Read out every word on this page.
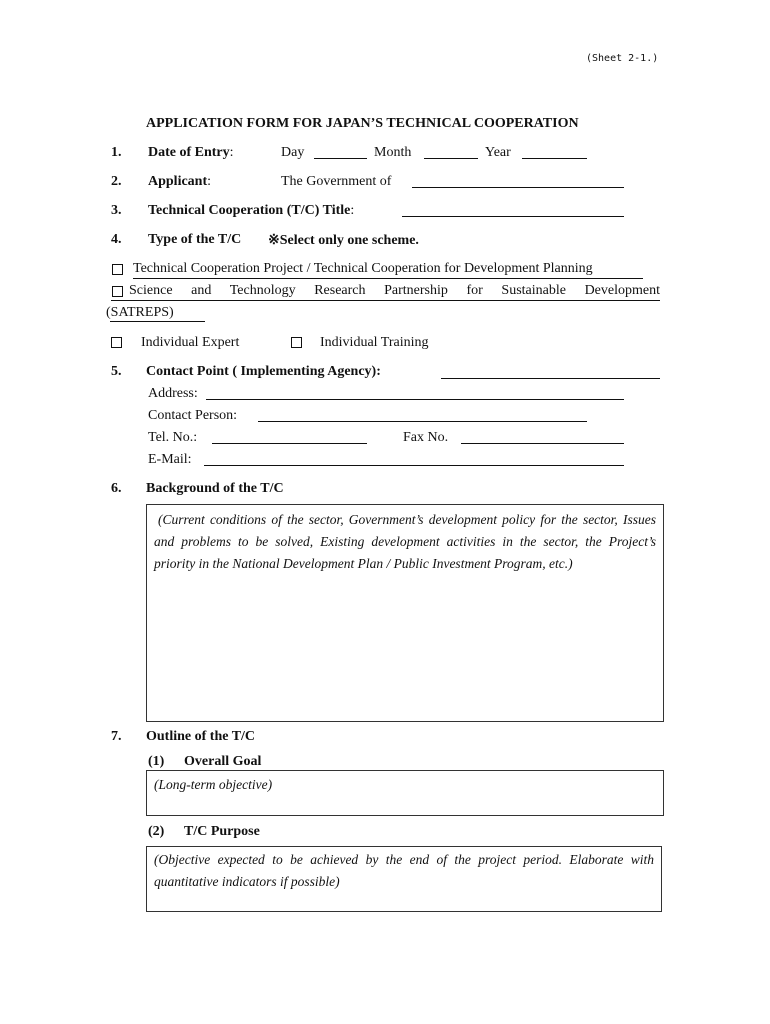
(Sheet 2-1.)
APPLICATION FORM FOR JAPAN’S TECHNICAL COOPERATION
1. Date of Entry:	Day	Month	Year
2. Applicant:	The Government of
3. Technical Cooperation (T/C) Title:
4. Type of the T/C ※Select only one scheme.
Technical Cooperation Project / Technical Cooperation for Development Planning
Science and Technology Research Partnership for Sustainable Development
(SATREPS)
Individual Expert	Individual Training
5. Contact Point ( Implementing Agency):
Address:
Contact Person:
Tel. No.:	Fax No.
E-Mail:
6. Background of the T/C
(Current conditions of the sector, Government’s development policy for the sector, Issues and problems to be solved, Existing development activities in the sector, the Project’s priority in the National Development Plan / Public Investment Program, etc.)
7. Outline of the T/C
(1) Overall Goal
(Long-term objective)
(2) T/C Purpose
(Objective expected to be achieved by the end of the project period. Elaborate with quantitative indicators if possible)
